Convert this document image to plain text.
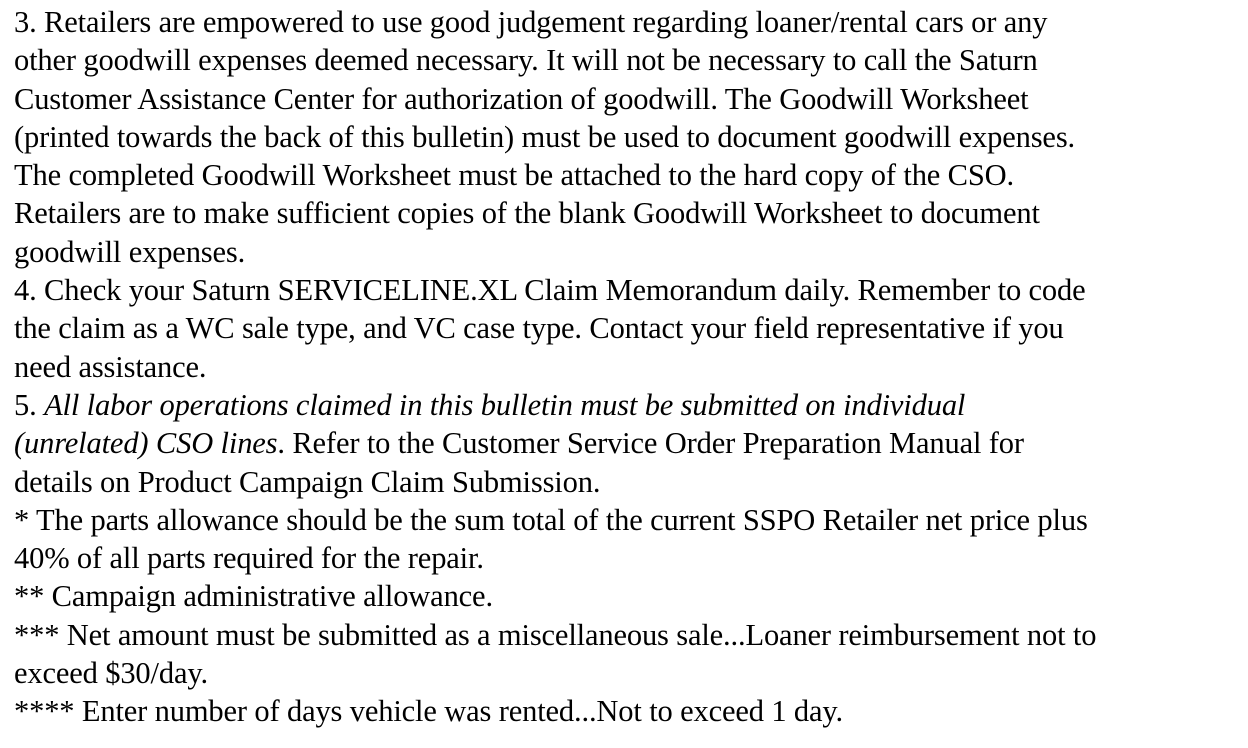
3. Retailers are empowered to use good judgement regarding loaner/rental cars or any
other goodwill expenses deemed necessary. It will not be necessary to call the Saturn
Customer Assistance Center for authorization of goodwill. The Goodwill Worksheet
(printed towards the back of this bulletin) must be used to document goodwill expenses.
The completed Goodwill Worksheet must be attached to the hard copy of the CSO.
Retailers are to make sufficient copies of the blank Goodwill Worksheet to document
goodwill expenses.
4. Check your Saturn SERVICELINE.XL Claim Memorandum daily. Remember to code
the claim as a WC sale type, and VC case type. Contact your field representative if you
need assistance.
5. All labor operations claimed in this bulletin must be submitted on individual
(unrelated) CSO lines. Refer to the Customer Service Order Preparation Manual for
details on Product Campaign Claim Submission.
* The parts allowance should be the sum total of the current SSPO Retailer net price plus
40% of all parts required for the repair.
** Campaign administrative allowance.
*** Net amount must be submitted as a miscellaneous sale...Loaner reimbursement not to
exceed $30/day.
**** Enter number of days vehicle was rented...Not to exceed 1 day.
